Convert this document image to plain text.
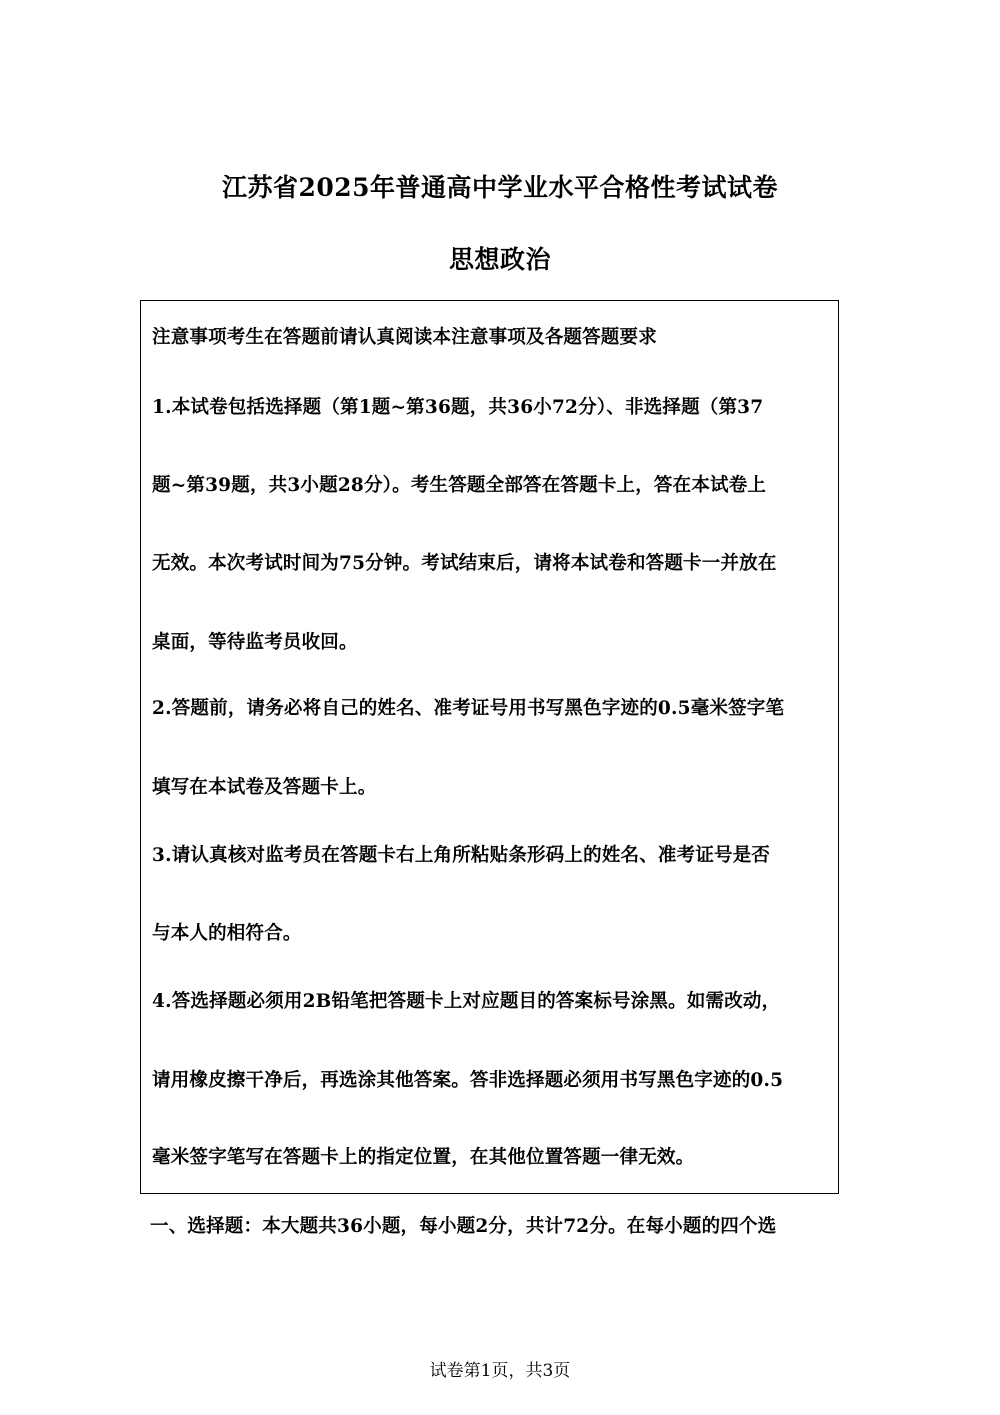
江苏省2025年普通高中学业水平合格性考试试卷
思想政治
注意事项考生在答题前请认真阅读本注意事项及各题答题要求
1.本试卷包括选择题（第1题~第36题，共36小72分）、非选择题（第37
题~第39题，共3小题28分）。考生答题全部答在答题卡上，答在本试卷上
无效。本次考试时间为75分钟。考试结束后，请将本试卷和答题卡一并放在
桌面，等待监考员收回。
2.答题前，请务必将自己的姓名、准考证号用书写黑色字迹的0.5毫米签字笔
填写在本试卷及答题卡上。
3.请认真核对监考员在答题卡右上角所粘贴条形码上的姓名、准考证号是否
与本人的相符合。
4.答选择题必须用2B铅笔把答题卡上对应题目的答案标号涂黑。如需改动，
请用橡皮擦干净后，再选涂其他答案。答非选择题必须用书写黑色字迹的0.5
毫米签字笔写在答题卡上的指定位置，在其他位置答题一律无效。
一、选择题：本大题共36小题，每小题2分，共计72分。在每小题的四个选
试卷第1页，共3页
